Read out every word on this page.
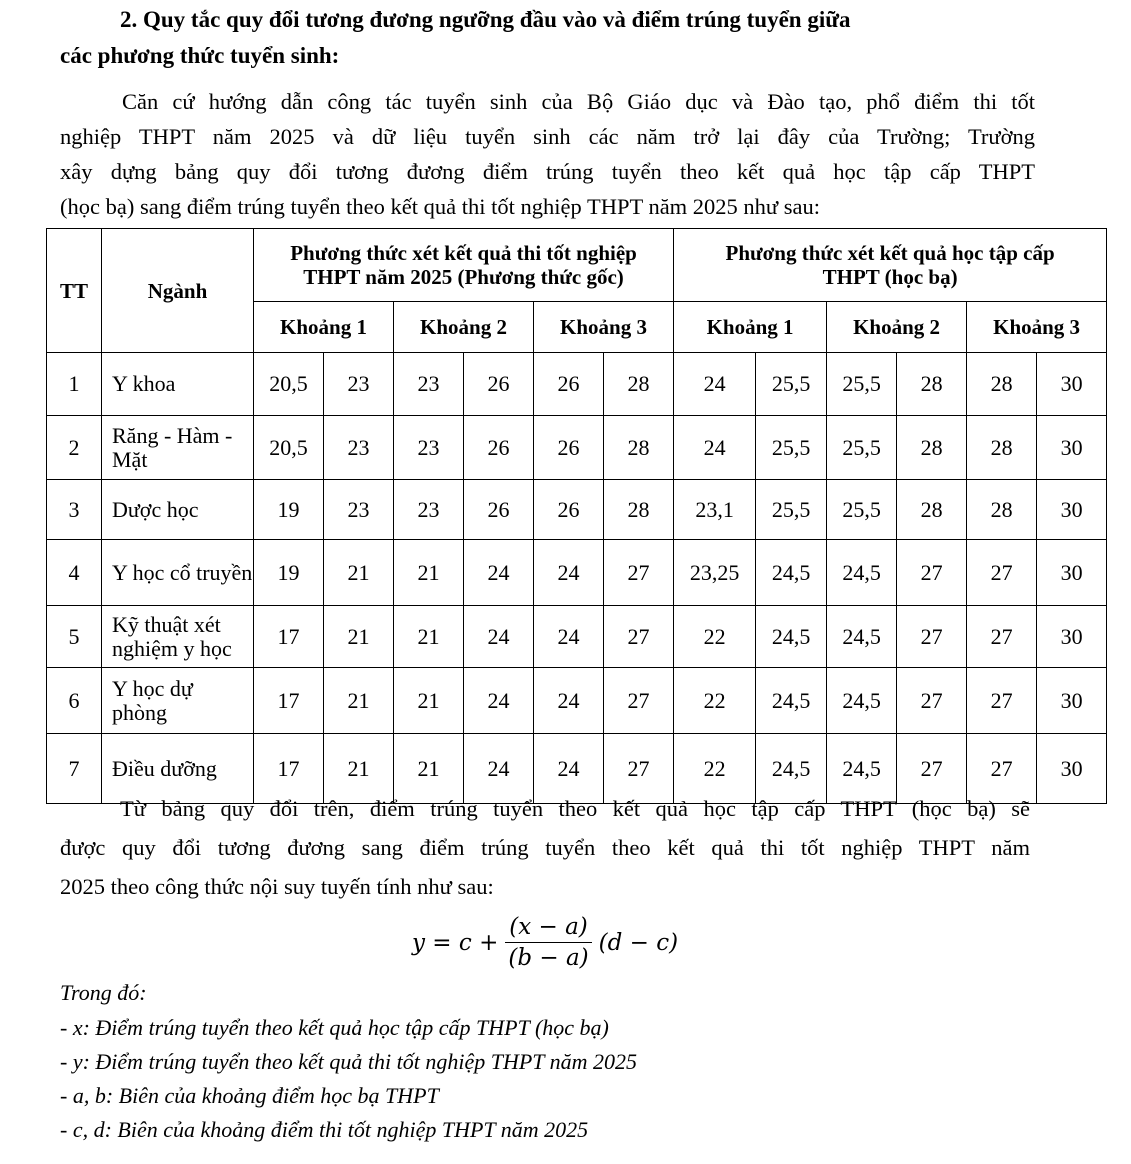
2. Quy tắc quy đổi tương đương ngưỡng đầu vào và điểm trúng tuyển giữa
các phương thức tuyển sinh:
Căn cứ hướng dẫn công tác tuyển sinh của Bộ Giáo dục và Đào tạo, phổ điểm thi tốt
nghiệp THPT năm 2025 và dữ liệu tuyển sinh các năm trở lại đây của Trường; Trường
xây dựng bảng quy đổi tương đương điểm trúng tuyển theo kết quả học tập cấp THPT
(học bạ) sang điểm trúng tuyển theo kết quả thi tốt nghiệp THPT năm 2025 như sau:
TT	Ngành	Phương thức xét kết quả thi tốt nghiệp THPT năm 2025 (Phương thức gốc)						Phương thức xét kết quả học tập cấp THPT (học bạ)					
		Khoảng 1		Khoảng 2		Khoảng 3		Khoảng 1		Khoảng 2		Khoảng 3	
1	Y khoa	20,5	23	23	26	26	28	24	25,5	25,5	28	28	30
2	Răng - Hàm - Mặt	20,5	23	23	26	26	28	24	25,5	25,5	28	28	30
3	Dược học	19	23	23	26	26	28	23,1	25,5	25,5	28	28	30
4	Y học cổ truyền	19	21	21	24	24	27	23,25	24,5	24,5	27	27	30
5	Kỹ thuật xét nghiệm y học	17	21	21	24	24	27	22	24,5	24,5	27	27	30
6	Y học dự phòng	17	21	21	24	24	27	22	24,5	24,5	27	27	30
7	Điều dưỡng	17	21	21	24	24	27	22	24,5	24,5	27	27	30
Từ bảng quy đổi trên, điểm trúng tuyển theo kết quả học tập cấp THPT (học bạ) sẽ
được quy đổi tương đương sang điểm trúng tuyển theo kết quả thi tốt nghiệp THPT năm
2025 theo công thức nội suy tuyến tính như sau:
$y = c + \frac{(x - a)}{(b - a)} (d - c)$
Trong đó:
- x: Điểm trúng tuyển theo kết quả học tập cấp THPT (học bạ)
- y: Điểm trúng tuyển theo kết quả thi tốt nghiệp THPT năm 2025
- a, b: Biên của khoảng điểm học bạ THPT
- c, d: Biên của khoảng điểm thi tốt nghiệp THPT năm 2025
